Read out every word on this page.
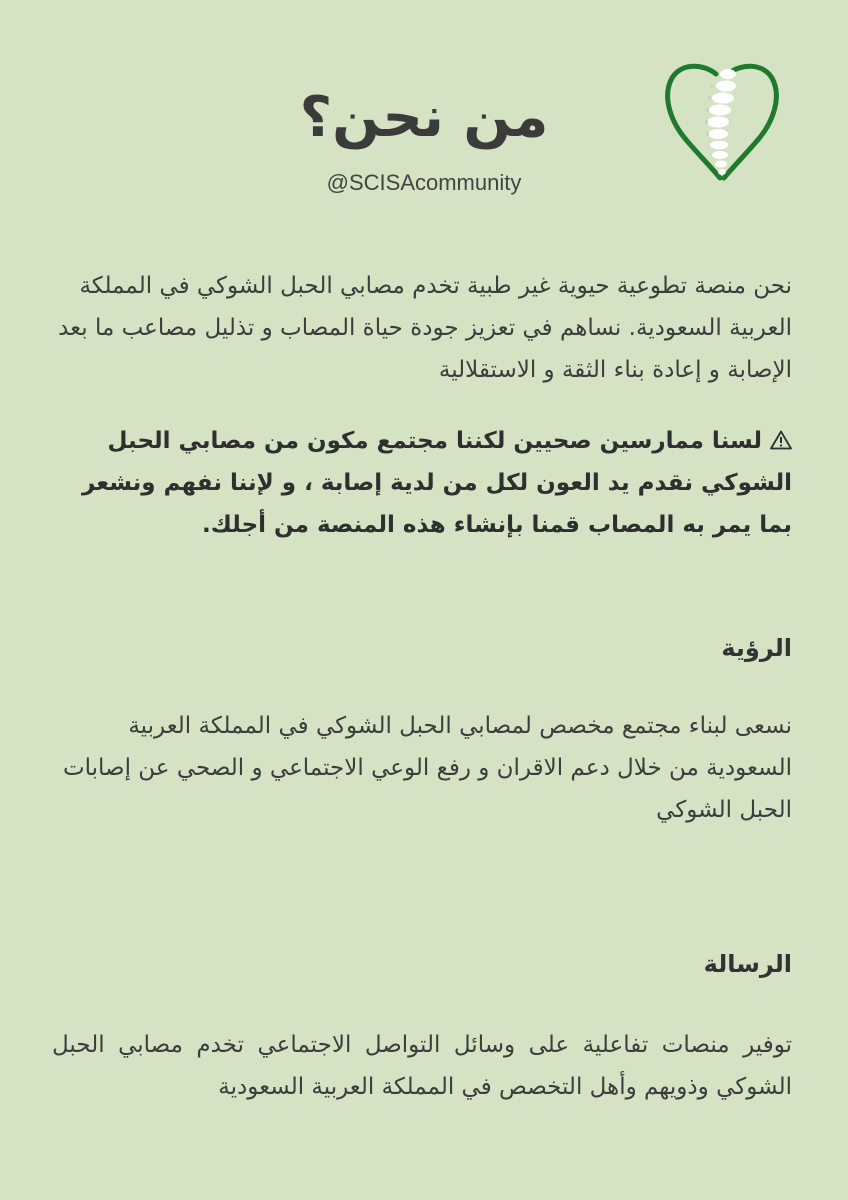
من نحن؟
@SCISAcommunity

نحن منصة تطوعية حيوية غير طبية تخدم مصابي الحبل الشوكي في المملكة العربية السعودية. نساهم في تعزيز جودة حياة المصاب و تذليل مصاعب ما بعد الإصابة و إعادة بناء الثقة و الاستقلالية

لسنا ممارسين صحيين لكننا مجتمع مكون من مصابي الحبل الشوكي نقدم يد العون لكل من لدية إصابة ، و لإننا نفهم ونشعر بما يمر به المصاب قمنا بإنشاء هذه المنصة من أجلك.

الرؤية

نسعى لبناء مجتمع مخصص لمصابي الحبل الشوكي في المملكة العربية السعودية من خلال دعم الاقران و رفع الوعي الاجتماعي و الصحي عن إصابات الحبل الشوكي

الرسالة

توفير منصات تفاعلية على وسائل التواصل الاجتماعي تخدم مصابي الحبل الشوكي وذويهم وأهل التخصص في المملكة العربية السعودية
